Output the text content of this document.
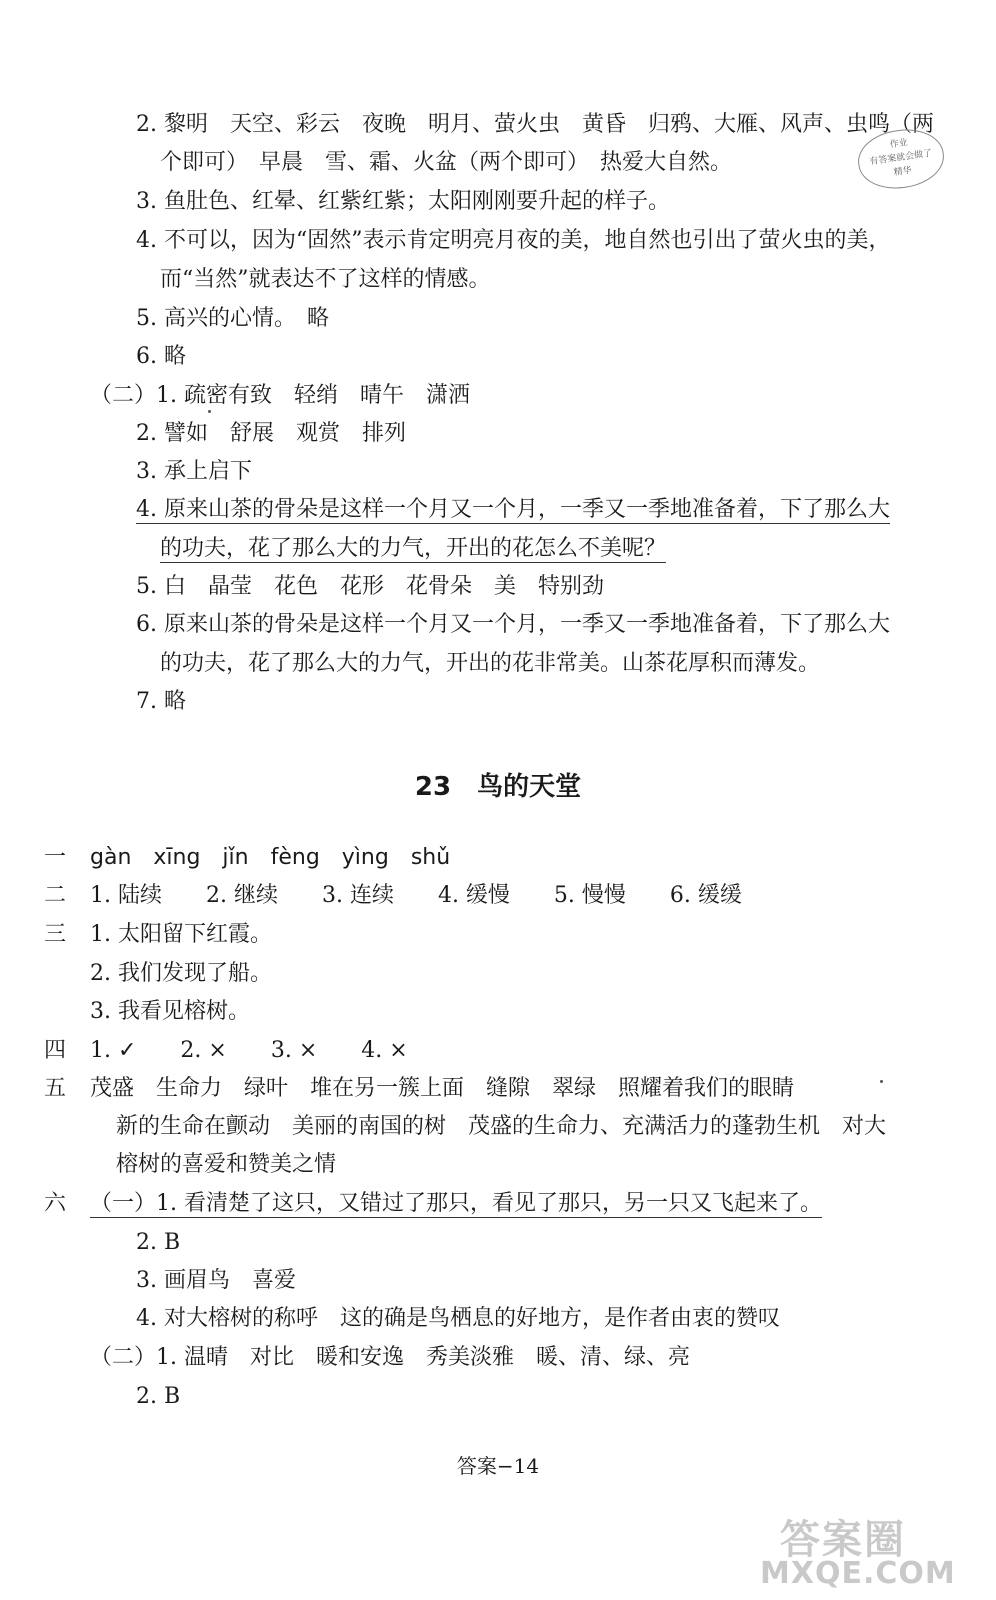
2. 黎明　天空、彩云　夜晚　明月、萤火虫　黄昏　归鸦、大雁、风声、虫鸣（两
个即可）　早晨　雪、霜、火盆（两个即可）　热爱大自然。
3. 鱼肚色、红晕、红紫红紫；太阳刚刚要升起的样子。
4. 不可以，因为“固然”表示肯定明亮月夜的美，地自然也引出了萤火虫的美，
而“当然”就表达不了这样的情感。
5. 高兴的心情。　略
6. 略
（二）1. 疏密有致　轻绡　晴午　潇洒
2. 譬如　舒展　观赏　排列
3. 承上启下
4. 原来山茶的骨朵是这样一个月又一个月，一季又一季地准备着，下了那么大
的功夫，花了那么大的力气，开出的花怎么不美呢？
5. 白　晶莹　花色　花形　花骨朵　美　特别劲
6. 原来山茶的骨朵是这样一个月又一个月，一季又一季地准备着，下了那么大
的功夫，花了那么大的力气，开出的花非常美。山茶花厚积而薄发。
7. 略
23 鸟的天堂
一 gàn　xīng　jǐn　fèng　yìng　shǔ
二 1. 陆续　　2. 继续　　3. 连续　　4. 缓慢　　5. 慢慢　　6. 缓缓
三 1. 太阳留下红霞。
2. 我们发现了船。
3. 我看见榕树。
四 1. ✓　　2. ×　　3. ×　　4. ×
五 茂盛　生命力　绿叶　堆在另一簇上面　缝隙　翠绿　照耀着我们的眼睛
新的生命在颤动　美丽的南国的树　茂盛的生命力、充满活力的蓬勃生机　对大
榕树的喜爱和赞美之情
六 （一）1. 看清楚了这只，又错过了那只，看见了那只，另一只又飞起来了。
2. B
3. 画眉鸟　喜爱
4. 对大榕树的称呼　这的确是鸟栖息的好地方，是作者由衷的赞叹
（二）1. 温晴　对比　暖和安逸　秀美淡雅　暖、清、绿、亮
2. B
答案−14
作业
有答案就会做了
精华
答案圈
MXQE.COM
